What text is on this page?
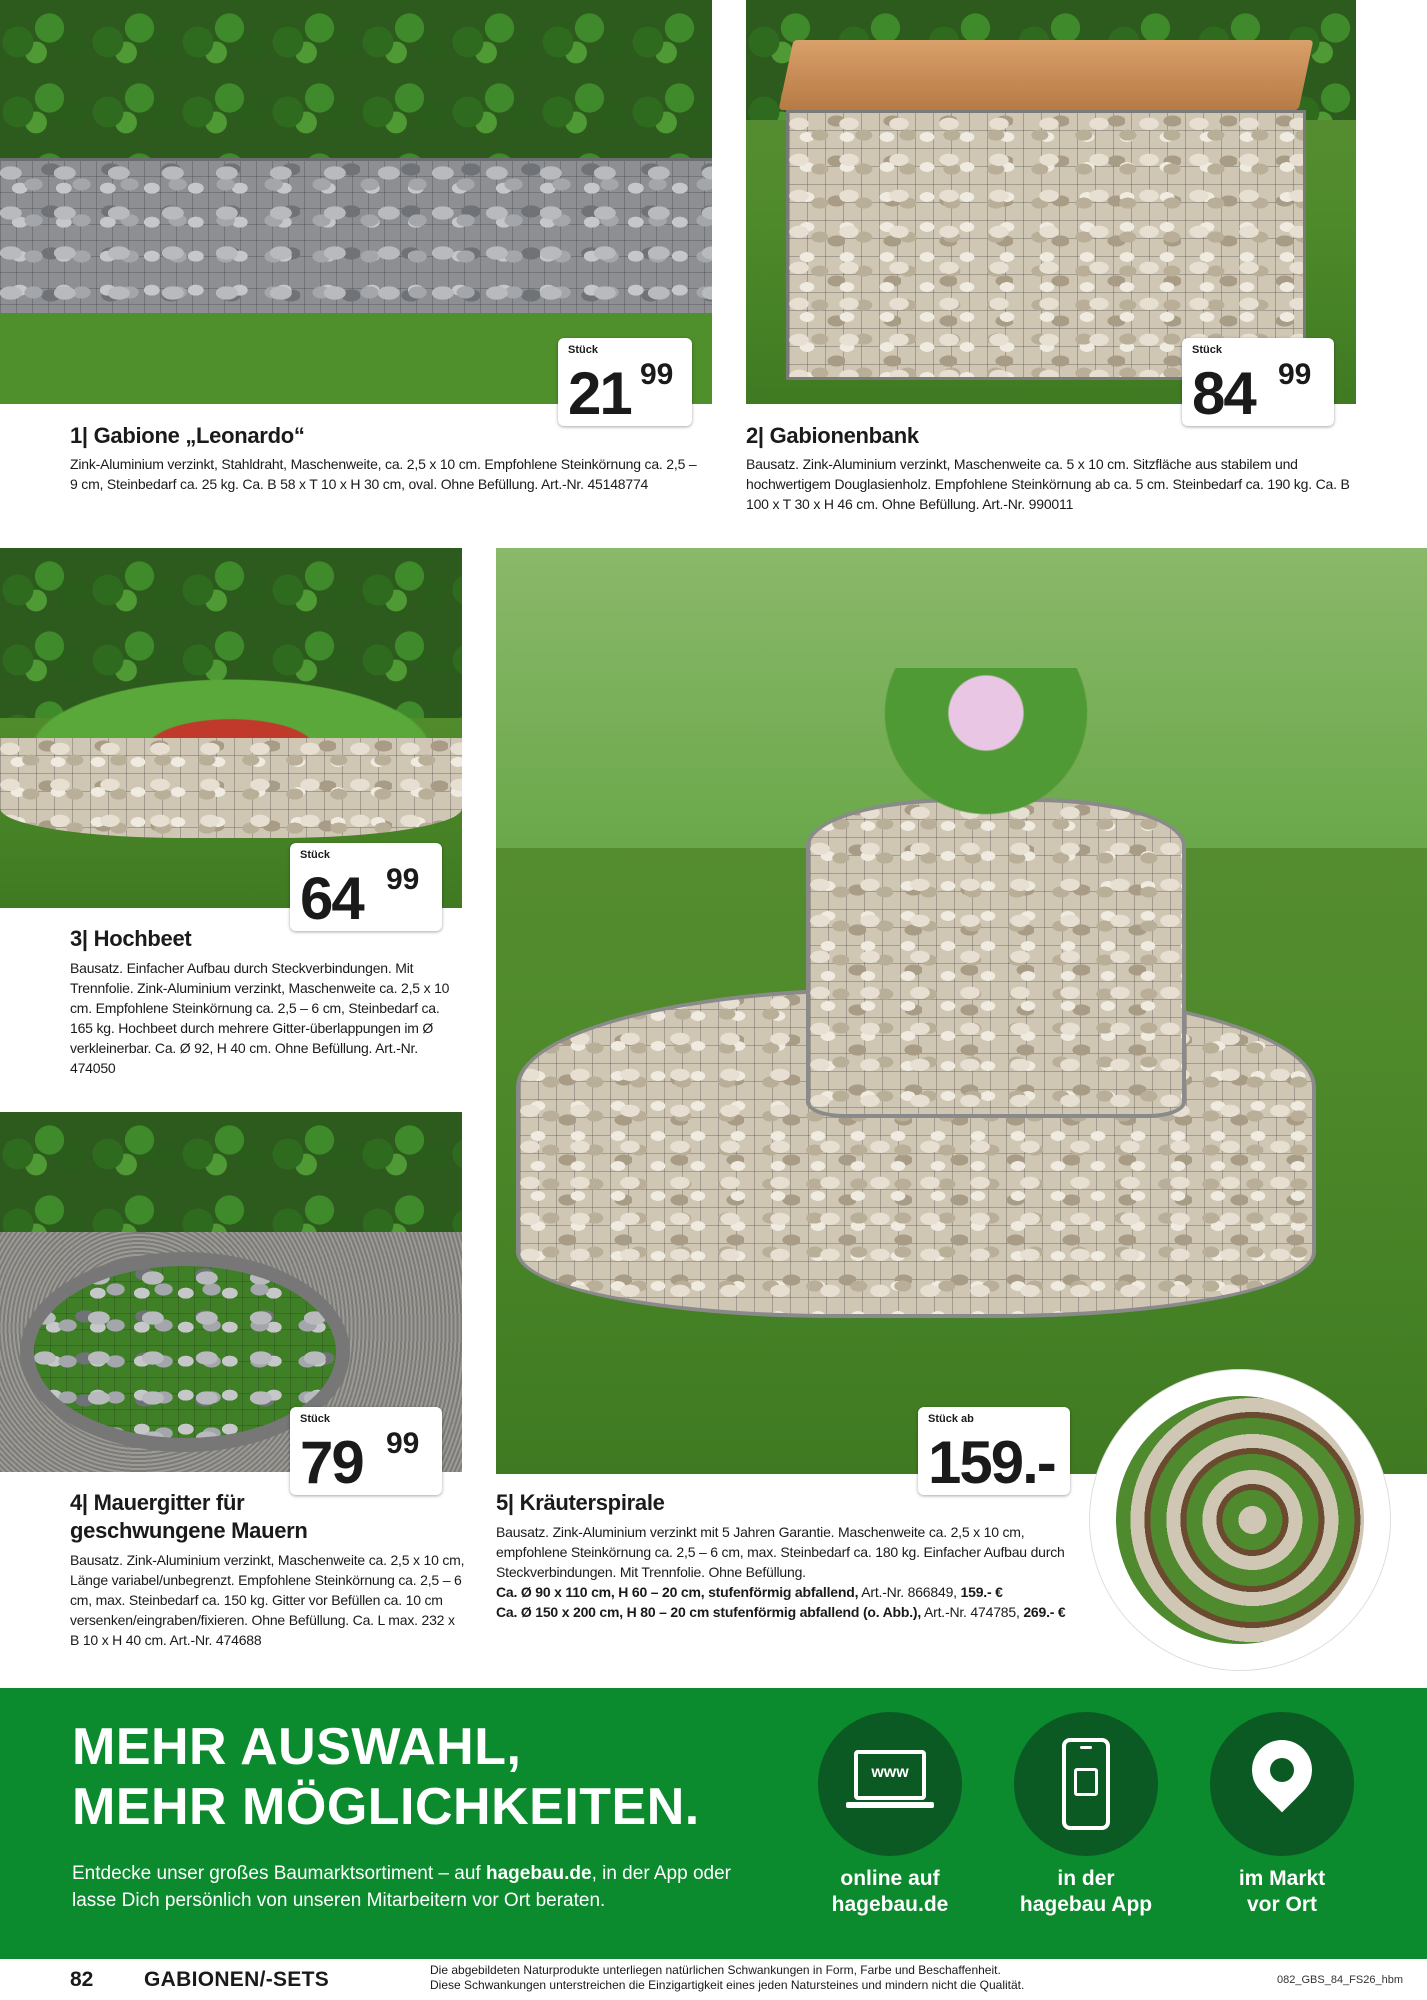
Stück
21 99
1| Gabione „Leonardo“
Zink-Aluminium verzinkt, Stahldraht, Maschenweite, ca. 2,5 x 10 cm. Empfohlene Steinkörnung ca. 2,5 – 9 cm, Steinbedarf ca. 25 kg. Ca. B 58 x T 10 x H 30 cm, oval. Ohne Befüllung. Art.-Nr. 45148774
Stück
84 99
2| Gabionenbank
Bausatz. Zink-Aluminium verzinkt, Maschenweite ca. 5 x 10 cm. Sitzfläche aus stabilem und hochwertigem Douglasienholz. Empfohlene Steinkörnung ab ca. 5 cm. Steinbedarf ca. 190 kg. Ca. B 100 x T 30 x H 46 cm. Ohne Befüllung. Art.-Nr. 990011
Stück
64 99
3| Hochbeet
Bausatz. Einfacher Aufbau durch Steckverbindungen. Mit Trennfolie. Zink-Aluminium verzinkt, Maschenweite ca. 2,5 x 10 cm. Empfohlene Steinkörnung ca. 2,5 – 6 cm, Steinbedarf ca. 165 kg. Hochbeet durch mehrere Gitter-überlappungen im Ø verkleinerbar. Ca. Ø 92, H 40 cm. Ohne Befüllung. Art.-Nr. 474050
Stück
79 99
4| Mauergitter für
geschwungene Mauern
Bausatz. Zink-Aluminium verzinkt, Maschenweite ca. 2,5 x 10 cm, Länge variabel/unbegrenzt. Empfohlene Steinkörnung ca. 2,5 – 6 cm, max. Steinbedarf ca. 150 kg. Gitter vor Befüllen ca. 10 cm versenken/eingraben/fixieren. Ohne Befüllung. Ca. L max. 232 x B 10 x H 40 cm. Art.-Nr. 474688
Stück ab
159.-
5| Kräuterspirale
Bausatz. Zink-Aluminium verzinkt mit 5 Jahren Garantie. Maschenweite ca. 2,5 x 10 cm, empfohlene Steinkörnung ca. 2,5 – 6 cm, max. Steinbedarf ca. 180 kg. Einfacher Aufbau durch Steckverbindungen. Mit Trennfolie. Ohne Befüllung.
Ca. Ø 90 x 110 cm, H 60 – 20 cm, stufenförmig abfallend, Art.-Nr. 866849, 159.- €
Ca. Ø 150 x 200 cm, H 80 – 20 cm stufenförmig abfallend (o. Abb.), Art.-Nr. 474785, 269.- €
MEHR AUSWAHL,
MEHR MÖGLICHKEITEN.
Entdecke unser großes Baumarktsortiment – auf hagebau.de, in der App oder lasse Dich persönlich von unseren Mitarbeitern vor Ort beraten.
www
online auf
hagebau.de
in der
hagebau App
im Markt
vor Ort
82 GABIONEN/-SETS	Die abgebildeten Naturprodukte unterliegen natürlichen Schwankungen in Form, Farbe und Beschaffenheit.
Diese Schwankungen unterstreichen die Einzigartigkeit eines jeden Natursteines und mindern nicht die Qualität.	082_GBS_84_FS26_hbm
